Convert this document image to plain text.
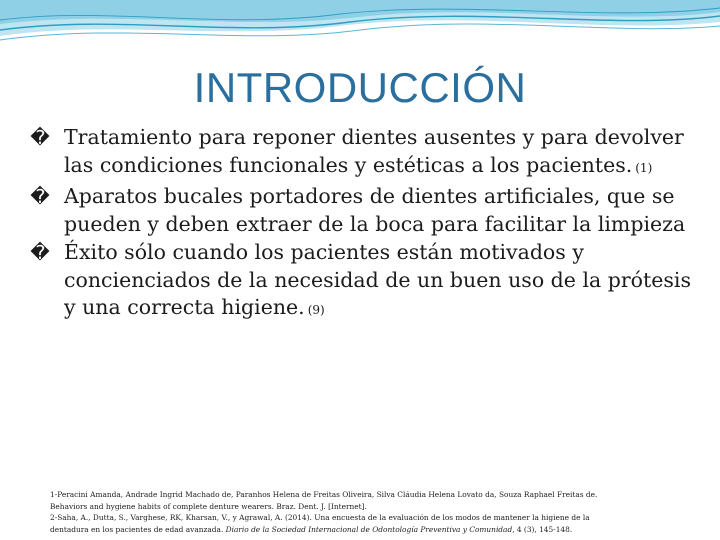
INTRODUCCIÓN
� Tratamiento para reponer dientes ausentes y para devolver las condiciones funcionales y estéticas a los pacientes. (1)
� Aparatos bucales portadores de dientes artificiales, que se pueden y deben extraer de la boca para facilitar la limpieza
� Éxito sólo cuando los pacientes están motivados y concienciados de la necesidad de un buen uso de la prótesis y una correcta higiene. (9)
1-Peracini Amanda, Andrade Ingrid Machado de, Paranhos Helena de Freitas Oliveira, Silva Cláudia Helena Lovato da, Souza Raphael Freitas de.
Behaviors and hygiene habits of complete denture wearers. Braz. Dent. J. [Internet].
2-Saha, A., Dutta, S., Varghese, RK, Kharsan, V., y Agrawal, A. (2014). Una encuesta de la evaluación de los modos de mantener la higiene de la
dentadura en los pacientes de edad avanzada. Diario de la Sociedad Internacional de Odontología Preventiva y Comunidad, 4 (3), 145-148.
